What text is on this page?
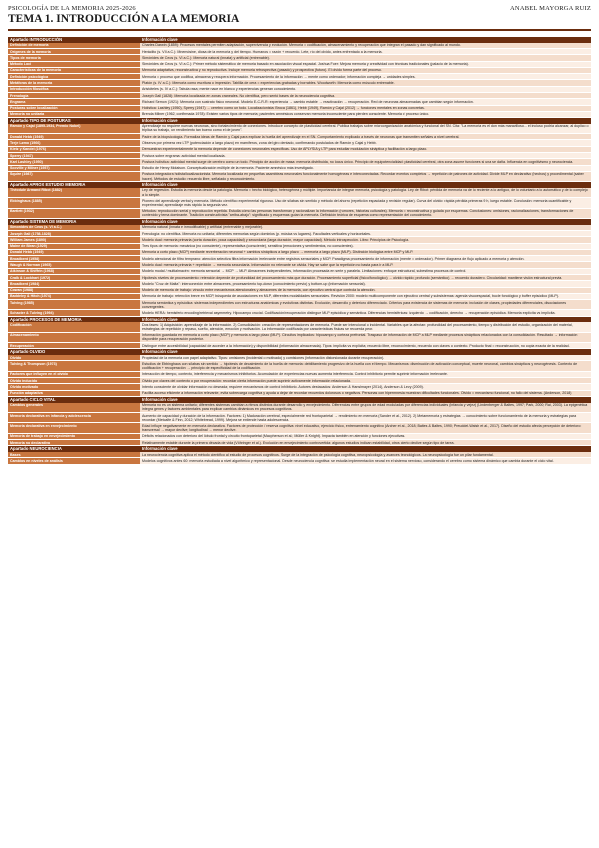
PSICOLOGÍA DE LA MEMORIA 2025-2026	ANABEL MAYORGA RUIZ
TEMA 1. INTRODUCCIÓN A LA MEMORIA
Apartado INTRODUCCIÓN	Información clave
Definición de memoria	Charles Darwin (1859): Procesos mentales permiten adaptación, supervivencia y evolución. Memoria = codificación, almacenamiento y recuperación que integran el pasado y dan significado al mundo.
Orígenes de la memoria	Heráclito (s. VII a.C.): Mnemósine, diosa de la memoria y del tiempo. Humanos = razón + recuerdo. Lete, río del olvido, antes enfrentado a la memoria.
Tipos de memoria	Simónides de Ceos (s. VI a.C.): Memoria natural (innata) y artificial (entrenable).
Método Loci	Simónides de Ceos (s. VI a.C.): Primer método sistemático de memoria basado en asociación visual espacial. Joshua Foer: Mejora memoria y creatividad con técnicas tradicionales (palacio de la memoria).
Características de la memoria	Memoria adaptativa, reconstructiva y no reproductiva. Incluye memoria retrospectiva (pasado) y prospectiva (futuro). El olvido forma parte del proceso.
Definición psicológica	Memoria = proceso que codifica, almacena y recupera información. Procesamiento de la información → mente como ordenador; información compleja → unidades simples.
Metáforas de la memoria	Platón (s. IV a.C.): Memoria como escritura o impresión. Tablilla de cera = experiencias grabadas y borrables. Woodworth: Memoria como músculo entrenable.
Introducción filosófica	Aristóteles (s. IV a.C.): Tabula rasa; mente nace en blanco y experiencias generan conocimiento.
Frenología	Joseph Gall (1828): Memoria localizada en zonas craneales. No científica, pero sentó bases de la neurociencia cognitiva.
Engrama	Richard Semon (1921): Memoria con sustrato físico neuronal. Modelo E-C-R-R: experiencia → cambio estable → reactivación → recuperación. Red de neuronas almacenadas que cambian según información.
Posturas sobre localización	Holística: Lashley (1950), Sperry (1947) → cerebro como un todo. Localizacionista: Broca (1861), Hebb (1949), Ramón y Cajal (2012) → funciones mentales en zonas concretas.
Memoria no unitaria	Brenda Milner (1962, confirmada 1978): Existen varios tipos de memoria; pacientes amnésicos conservan memoria inconsciente para pierden consciente. Memoria ≠ proceso único.
Apartado TIPO DE POSTURAS	Información clave
Ramón y Cajal (1895-1934, Premio Nobel)	Aprendizaje no requiere nuevas neuronas, sino fortalecimiento de conexiones. Introduce concepto de plasticidad cerebral. Publica trabajos sobre microorganización anatómica y funcional del SN. Cita: "La memoria es el don más maravilloso... el incluso podría alcanzar, al duplico o triplica su trabajo, un rendimiento tan bueno como el de joven".
Donald Hebb (1949)	Padre de la biopsicología. Formaliza ideas de Ramón y Cajal para explicar la huella del aprendizaje en el SN. Comportamiento explicado a través de neuronas que transmiten señales a nivel cerebral.
Terje Lømo (1966)	Observa por primera vez LTP (potenciación a largo plazo) en mamíferos, zona del giro dentado, confirmando postulados de Ramón y Cajal y Hebb.
Kletz y Kandel (1976)	Demuestran experimentalmente la memoria depende de conexiones neuronales específicas. Uso de APLYSIA y LTP para estudiar modulación sináptica y facilitación a largo plazo.
Sperry (1947)	Postura sobre engrama: actividad mental localizada.
Karl Lashley (1950)	Postura holística: actividad mental surge de cerebro como un todo. Principio de acción de masa: memoria distribuida, no locus único. Principio de equipotencialidad: plasticidad cerebral, otra zona asume funciones si una se daña. Influencia en cognitivismo y neurociencia.
Scoville y Milner (1957)	Estudio de Henry Molaison. Conceptualización múltiple de la memoria. Paciente amnésico más investigado.
Squire (1987)	Postura integradora holista/localizacionista. Memoria localizada en pequeñas asambleas neuronales funcionalmente homogéneas e interconectadas. Recordar eventos completos → repetición de patrones de actividad. Divide MLP en declarativo (hechos) y procedimental (saber hacer). Métodos de estudio: recuerdo libre, señalado y reconocimiento.
Apartado APROX ESTUDIO MEMORIA	Información clave
Théodule Armand Ribot (1882)	Ley de regresión. Estudia la memoria desde la patología. Memoria = hecho biológico, heterogénea y múltiple. Importancia de integrar memoria, psicología y patología. Ley de Ribot: pérdida de memoria va de lo reciente a lo antiguo, de lo voluntario a lo automático y de lo complejo a lo simple.
Ebbinghaus (1885)	Pionero del aprendizaje verbal y memoria. Método científico experimental riguroso. Uso de sílabas sin sentido y método del ahorro (repetición espaciada y revisión regular). Curva del olvido: rápida pérdida primeras 9 h, luego estable. Conclusión: memoria cuantificable y experimental; aprendizaje más rápido la segunda vez.
Bartlett (1932)	Métodos: reproducción serial y reproducción repetida. Estudia cómo las personas transforman y racionalizan la información (rumores, historias culturales). Memoria = reconstructiva y guiada por esquemas. Conclusiones: omisiones, racionalizaciones, transformaciones de contenido y tema dominante. Tradición constructivista "arriba-abajo": significado y esquemas guían la memoria. Definición teórica de esquema como representación del conocimiento.
Apartado SISTEMA DE MEMORIA	Información clave
Simonides de Ceos (s. VI a.C.)	Memoria natural (innata e inmodificable) y artificial (entrenable y mejorable).
Joseph Gall (1758-1828)	Frenología: no científica. Memoria no unitaria; diferentes memorias según dominios (p. música vs lugares). Facultades verticales y horizontales.
William James (1890)	Modelo dual: memoria primaria (corta duración, poca capacidad) y secundaria (larga duración, mayor capacidad). Método introspección. Libro: Principios de Psicología.
Maine de Biran (1929)	Tres tipos de memoria: mecánica (no consciente), representativa (consciente), sensitiva (emociones y sentimientos, no conscientes).
Donald Hebb (1949)	Memoria a corto plazo (MCP) mediante reverberación neuronal + cambios sinápticos a largo plazo → memoria a largo plazo (MLP). Distinción biológica entre MCP y MLP.
Broadbent (1958)	Modelo atencional de filtro temprano: atención selectiva filtra información irrelevante entre registros sensoriales y MCP. Paradigma procesamiento de información (mente = ordenador). Primer diagrama de flujo aplicado a memoria y atención.
Waugh & Norman (1965)	Modelo dual: memoria primaria + repetición → memoria secundaria. Información no relevante se olvida. Hay se sabe que la repetición no basta para ir a MLP.
Atkinson & Shiffrin (1968)	Modelo modal / multialmacén: memoria sensorial → MCP → MLP. Almacenes independientes, información procesada en serie y paralela. Limitaciones: enfoque estructural, subestima procesos de control.
Craik & Lockhart (1972)	Hipótesis niveles de procesamiento: retención depende de profundidad del procesamiento más que duración. Procesamiento superficial (físico/fonológico) → olvido rápido; profundo (semántico) → recuerdo duradero. Circularidad: mantiene visión estructural previa.
Broadbent (1984)	Modelo "Cruz de Malta": interconexión entre almacenes, procesamiento top-down (conocimiento previo) y bottom-up (información sensorial).
Cowan (1988)	Modelo de memoria de trabajo: vínculo entre mecanismos atencionales y almacenes de la memoria, con ejecutivo central que controla la atención.
Baddeley & Hitch (1974)	Memoria de trabajo: retención breve en MCP, búsqueda de asociaciones en MLP, diferentes modalidades sensoriales. Revisión 2000: modelo multicomponente con ejecutivo central y subsistemas: agenda visuoespacial, bucle fonológico y buffer episódico (MLP).
Tulving (1985)	Memoria semántica y episódica: sistemas independientes con estructuras anatómicas y evolutivas distintas. Evolución, desarrollo y deterioro diferenciado. Criterios para existencia de sistemas de memoria: inclusión de clases, propiedades diferenciales, disociaciones convergentes.
Schacter & Tulving (1994)	Modelo HERA: hemisferio encoding/retrieval asymmetry. Hipocampo crucial. Codificación/recuperación distingue MLP episódica y semántica. Diferencias hemisféricas: izquierdo → codificación, derecho → recuperación episódica. Memoria explícita vs implícita.
Apartado PROCESOS DE MEMORIA	Información clave
Codificación	Dos fases: 1) Adquisición: aprendizaje de la información. 2) Consolidación: creación de representaciones de memoria. Puede ser intencional o incidental. Variables que la afectan: profundidad del procesamiento, tiempo y distribución del estudio, organización del material, estrategias de repetición y repaso, sueño, atención, emoción y motivación. La información codificada por características físicas se recuerda peor.
Almacenamiento	Información guardada en memoria a corto plazo (MCP) y memoria a largo plazo (MLP). Circuitos implicados: hipocampo y corteza prefrontal. Traspaso de información de MCP a MLP mediante procesos sinápticos relacionados con la consolidación. Resultado → información disponible para recuperación posterior.
Recuperación	Distingue entre accesibilidad (capacidad de acceder a la información) y disponibilidad (información almacenada). Tipos: implícita vs explícita; recuerdo libre, reconocimiento, recuerdo con claves o contexto. Producto final = reconstrucción, no copia exacta de la realidad.
Apartado OLVIDO	Información clave
Olvido	Propiedad de la memoria con papel adaptativo. Tipos: omisiones (incidental o motivado) y comisiones (información distorsionada durante recuperación).
Tulving & Thompson (1973)	Estudios de Ebbinghaus con sílabas sin sentido → hipótesis de decaimiento de la huella de memoria: debilitamiento progresivo de la huella con el tiempo. Mecanismos: disminución de activación conceptual, muerte neuronal, cambios sinápticos y neurogénesis. Contexto de codificación + recuperación → principio de especificidad de la codificación.
Factores que influyen en el olvido	Interacción de tiempo, contexto, interferencia y mecanismos inhibitorios. Acumulación de experiencias nuevas aumenta interferencia. Control inhibitorio permite suprimir información irrelevante.
Olvido inducido	Olvido por claves del contexto o por recuperación: recordar cierta información puede suprimir activamente información relacionada.
Olvido motivado	Intento consciente de olvidar información no deseada; requiere mecanismos de control inhibitorio. Autores destacados: Anderson & Hanslmayer (2014), Anderson & Levy (2009).
Función adaptativa	Facilita acceso eficiente a información relevante, evita sobrecarga cognitiva y ayuda a dejar de recordar recuerdos dolorosos o negativos. Personas con hipermnesia muestran dificultades funcionales. Olvido = mecanismo funcional, no fallo del sistema. (Anderson, 2018)
Apartado CICLO VITAL	Información clave
Cambios generales	Memoria no es un sistema unitario; diferentes sistemas cambian a ritmos distintos durante desarrollo y envejecimiento. Diferencias entre grupos de edad moduladas por diferencias individuales (infancia y vejez) (Lindenberger & Baltes, 1997; Park, 2000; Rai, 2003). La epigenética integra genes y factores ambientales para explicar cambios dinámicos en procesos cognitivos.
Memoria declarativa en infancia y adolescencia	Aumento de capacidad y duración de la información. Factores: 1) Maduración cerebral, especialmente red frontoparietal → rendimiento en memoria (Sander et al., 2012). 2) Metamemoria y estrategias → conocimiento sobre funcionamiento de la memoria y estrategias para recordar (Metcalfe & Finn, 2012; Whitebread, 1999). Mejora se extiende hasta adolescencia.
Memoria declarativa en envejecimiento	Edad influye negativamente en memoria declarativa. Factores de protección / reserva cognitiva: nivel educativo, ejercicio físico, entrenamiento cognitivo (Archer et al., 2018; Baltes & Baltes, 1990; Preuddel-Walsh et al., 2017). Diseño del estudio afecta percepción de deterioro: transversal → mayor declive; longitudinal → menor declive.
Memoria de trabajo en envejecimiento	Déficits relacionados con deterioro del lóbulo frontal y circuito frontoparietal (Macpherson et al.; Müller & Knight). Impacta también en atención y funciones ejecutivas.
Memoria no declarativa	Relativamente estable durante la primera década de vida (Vöhringer et al.). Evolución en envejecimiento controvertida: algunos estudios indican estabilidad, otros cierto declive según tipo de tarea.
Apartado NEUROCIENCIA	Información clave
Bases	La neurociencia cognitiva aplica el método científico al estudio de procesos cognitivos. Surge de la integración de psicología cognitiva, neuropsicología y avances tecnológicos. La neuropsicología fue un pilar fundamental.
Cambios en niveles de análisis	Modelos cognitivos antes 60: memoria estudiada a nivel algorítmico y representacional. Desde neurociencia cognitiva: se estudia implementación neural en el sistema nervioso, considerando el cerebro como sistema dinámico que cambia durante el ciclo vital.
